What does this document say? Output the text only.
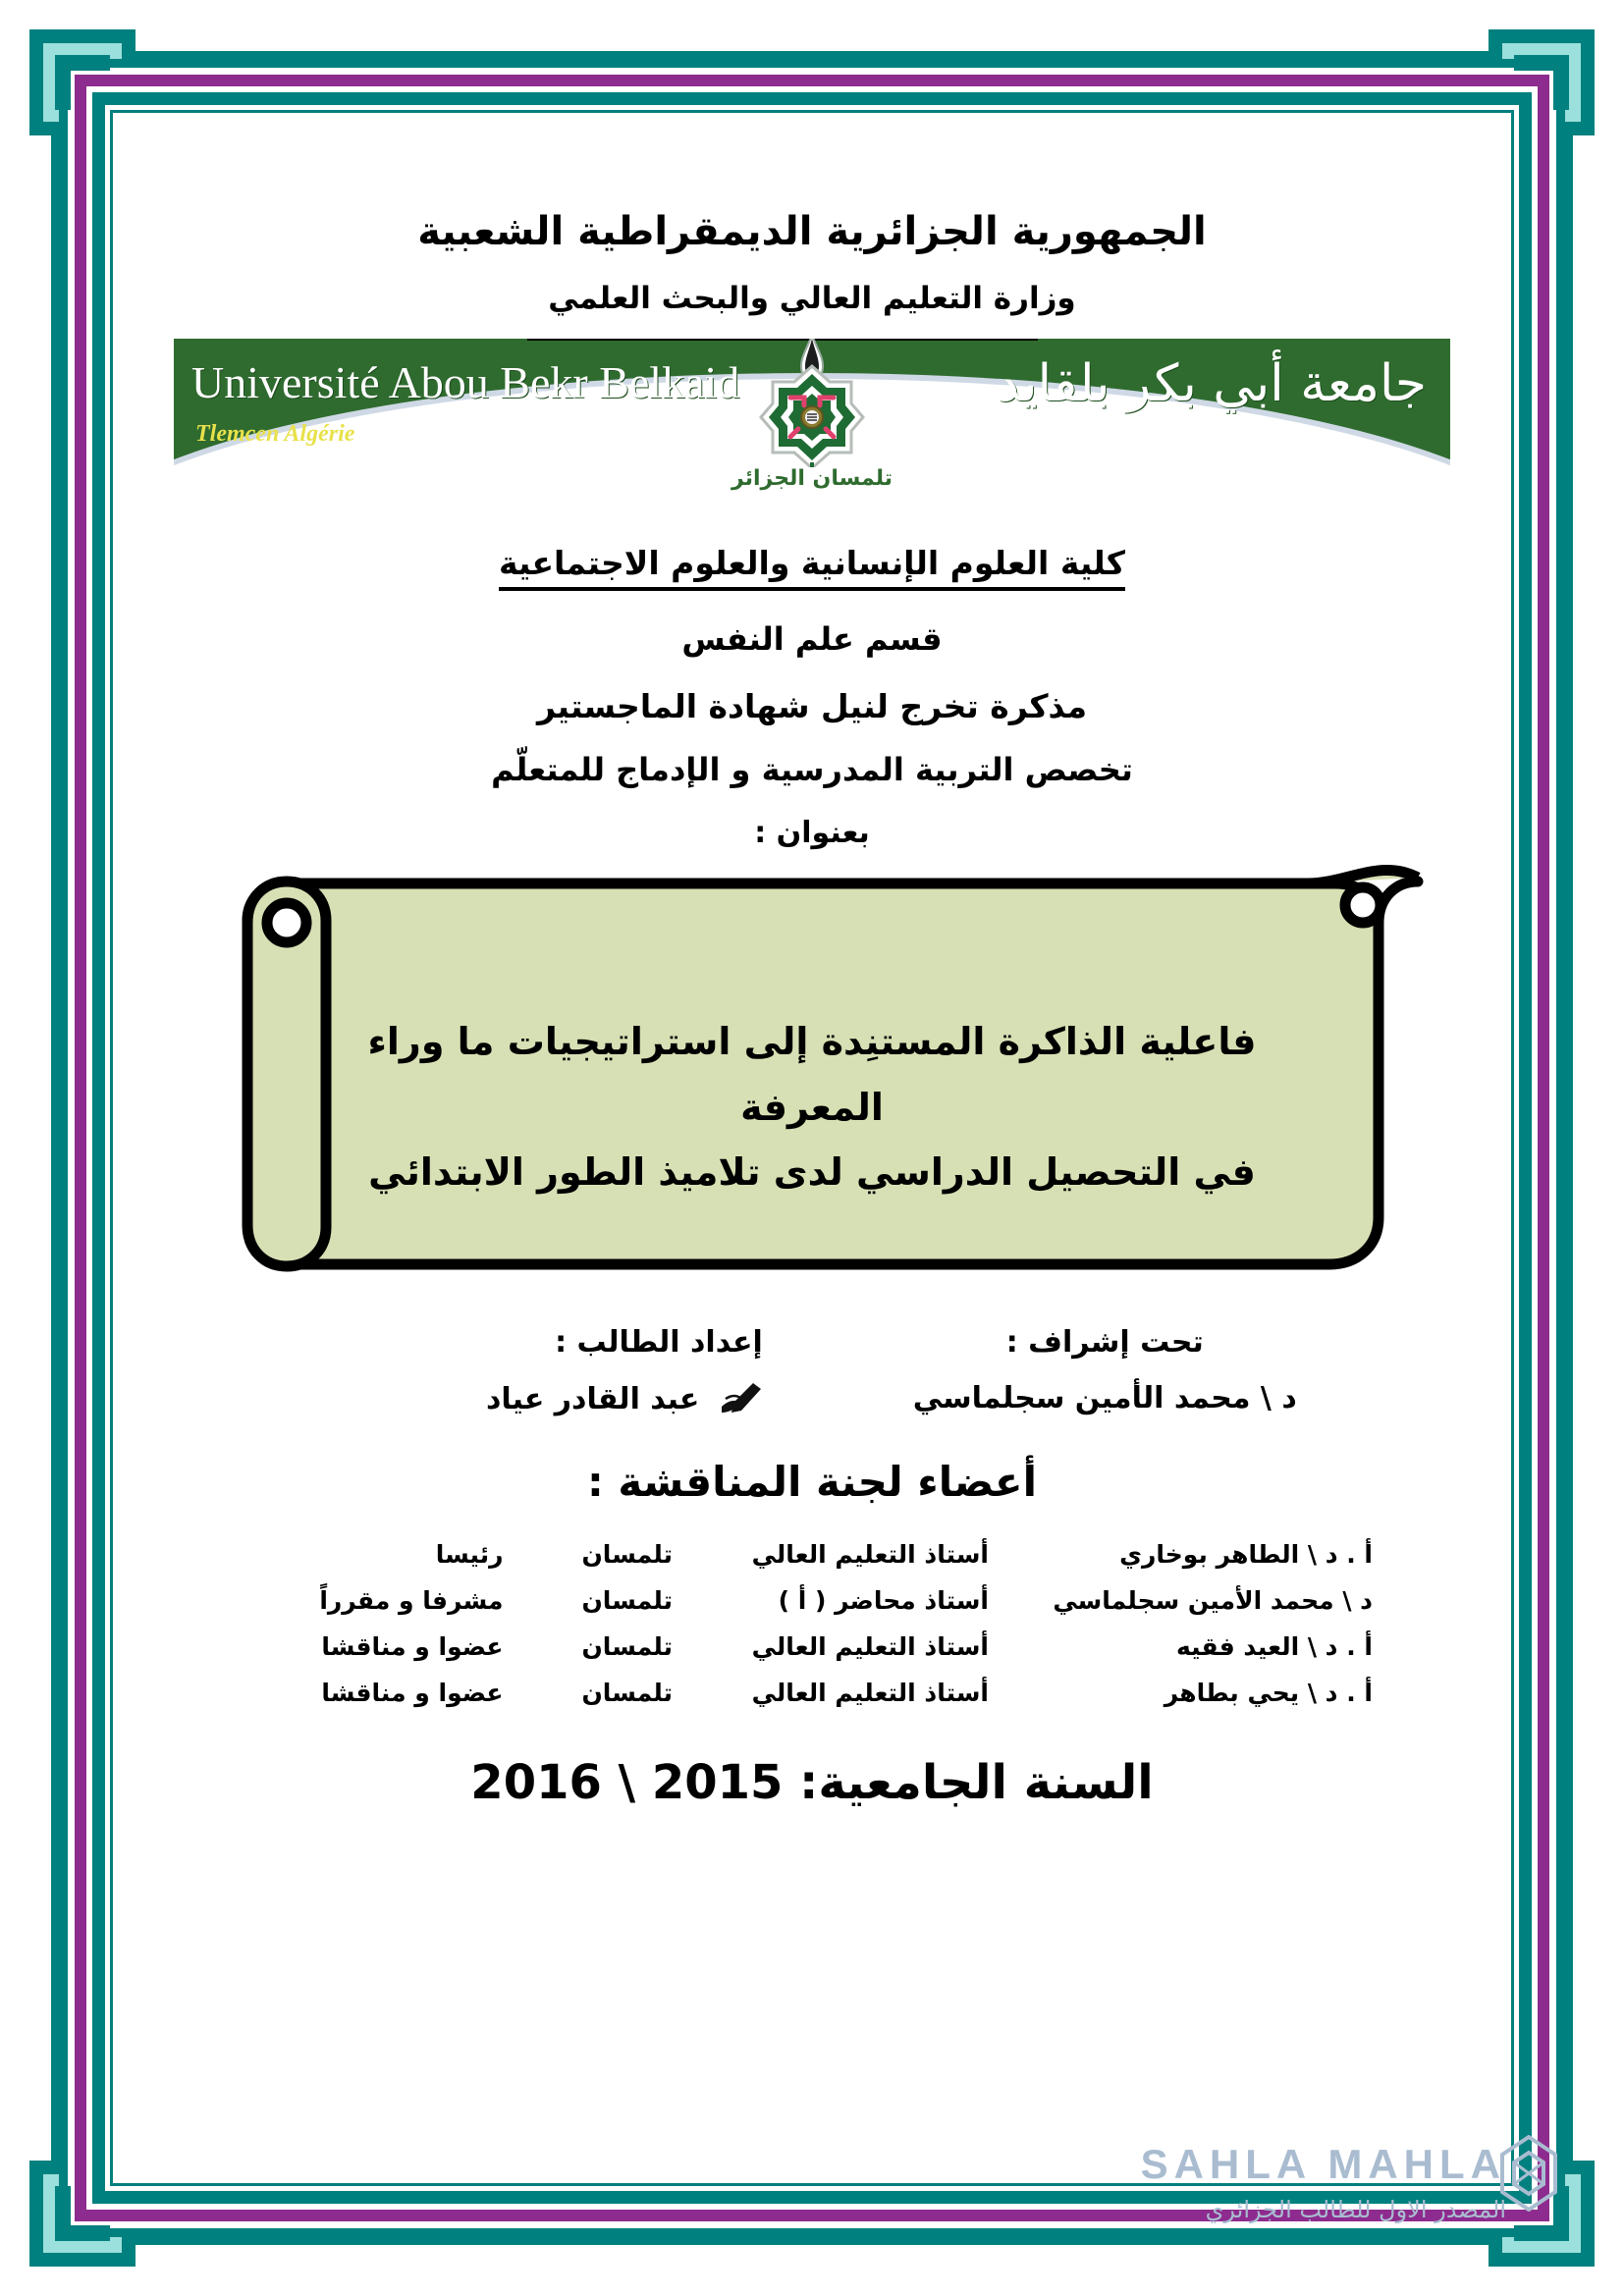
الجمهورية الجزائرية الديمقراطية الشعبية
وزارة التعليم العالي والبحث العلمي
Université Abou Bekr Belkaid
Tlemcen Algérie
جامعة أبي بكر بلقايد
تلمسان الجزائر
كلية العلوم الإنسانية والعلوم الاجتماعية
قسم علم النفس
مذكرة تخرج لنيل شهادة الماجستير
تخصص التربية المدرسية و الإدماج للمتعلّم
بعنوان :
فاعلية الذاكرة المستنِدة إلى استراتيجيات ما وراء المعرفة
في التحصيل الدراسي لدى تلاميذ الطور الابتدائي
إعداد الطالب :
عبد القادر عياد
تحت إشراف :
د \ محمد الأمين سجلماسي
أعضاء لجنة المناقشة :
أ . د \ الطاهر بوخاري	أستاذ التعليم العالي	تلمسان	رئيسا
د \ محمد الأمين سجلماسي	أستاذ محاضر ( أ )	تلمسان	مشرفا و مقرراً
أ . د \ العيد فقيه	أستاذ التعليم العالي	تلمسان	عضوا و مناقشا
أ . د \ يحي بطاهر	أستاذ التعليم العالي	تلمسان	عضوا و مناقشا
السنة الجامعية: 2015 \ 2016
SAHLA MAHLA
المصدر الاول للطالب الجزائري
